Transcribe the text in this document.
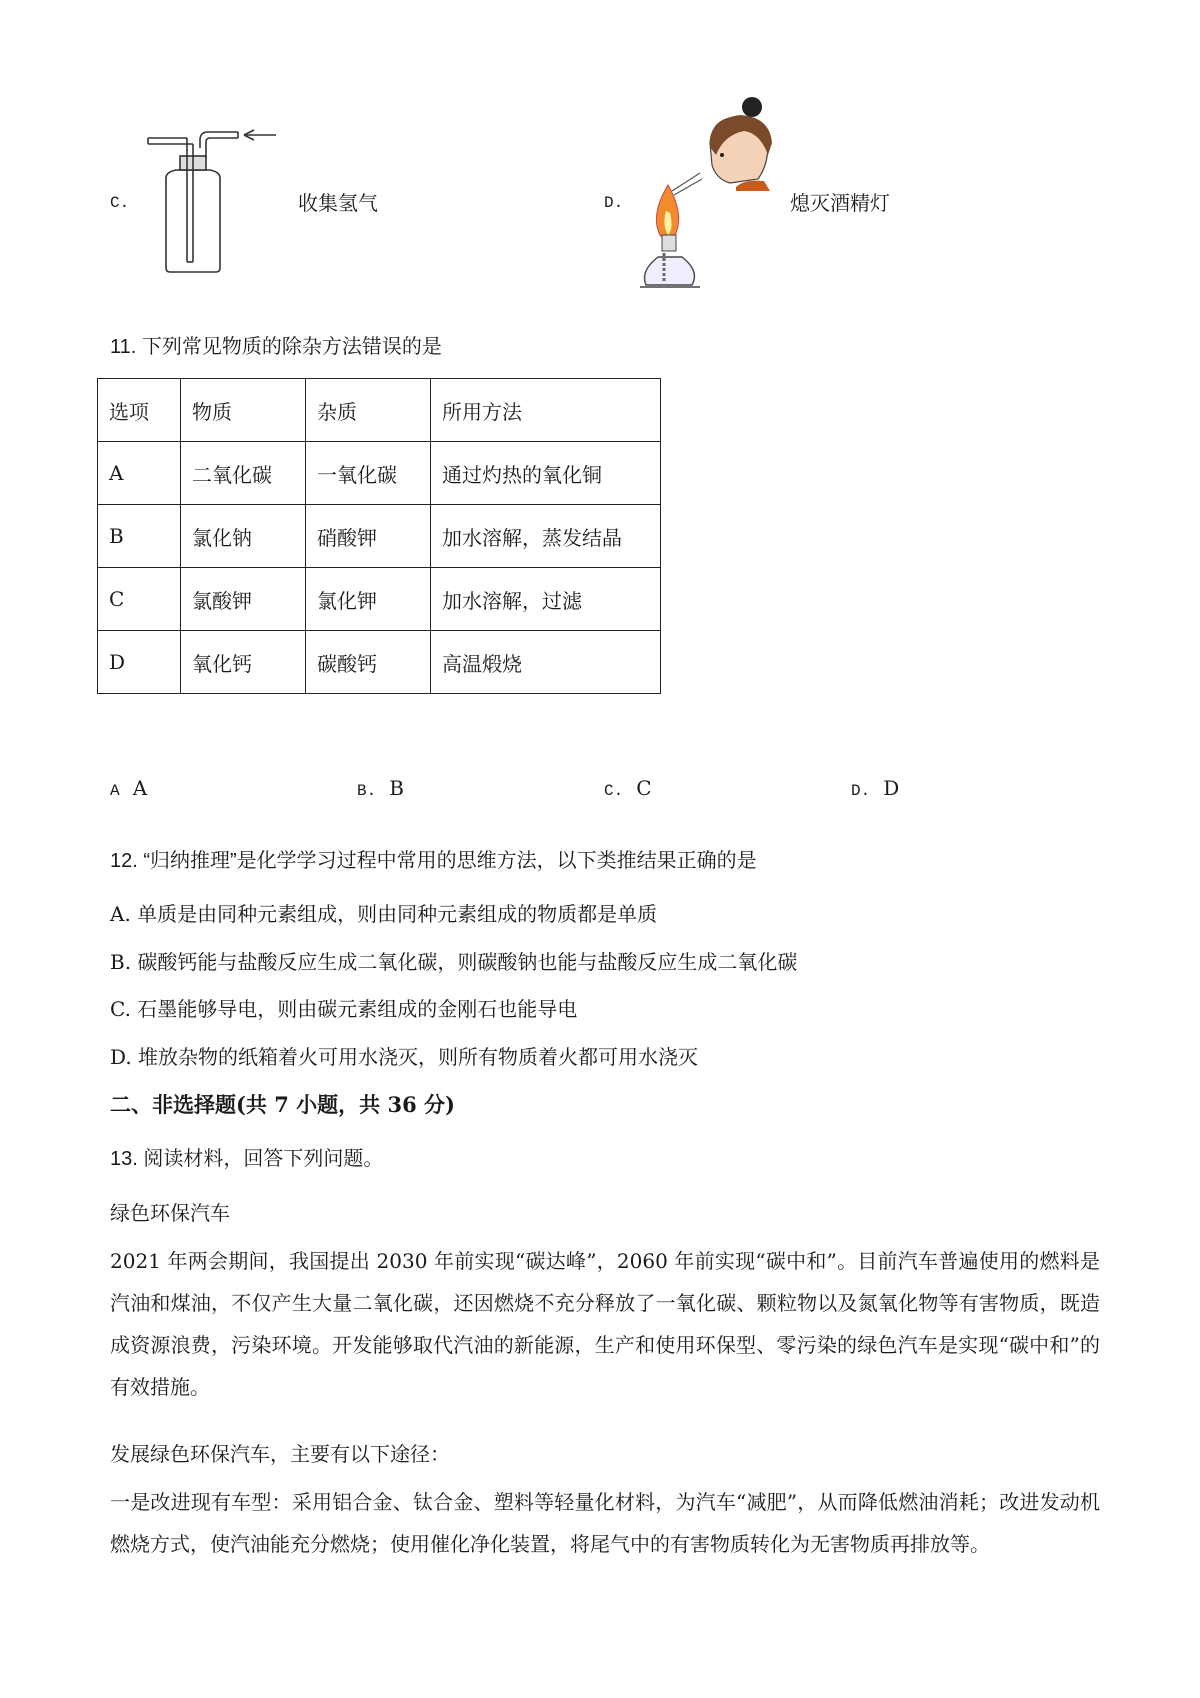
C.	收集氢气	D.	熄灭酒精灯
11. 下列常见物质的除杂方法错误的是
选项	物质	杂质	所用方法
A	二氧化碳	一氧化碳	通过灼热的氧化铜
B	氯化钠	硝酸钾	加水溶解，蒸发结晶
C	氯酸钾	氯化钾	加水溶解，过滤
D	氧化钙	碳酸钙	高温煅烧
A A	B. B	C. C	D. D
12. “归纳推理”是化学学习过程中常用的思维方法，以下类推结果正确的是
A. 单质是由同种元素组成，则由同种元素组成的物质都是单质
B. 碳酸钙能与盐酸反应生成二氧化碳，则碳酸钠也能与盐酸反应生成二氧化碳
C. 石墨能够导电，则由碳元素组成的金刚石也能导电
D. 堆放杂物的纸箱着火可用水浇灭，则所有物质着火都可用水浇灭
二、非选择题(共 7 小题，共 36 分)
13. 阅读材料，回答下列问题。
绿色环保汽车
2021 年两会期间，我国提出 2030 年前实现“碳达峰”，2060 年前实现“碳中和”。目前汽车普遍使用的燃料是汽油和煤油，不仅产生大量二氧化碳，还因燃烧不充分释放了一氧化碳、颗粒物以及氮氧化物等有害物质，既造成资源浪费，污染环境。开发能够取代汽油的新能源，生产和使用环保型、零污染的绿色汽车是实现“碳中和”的有效措施。
发展绿色环保汽车，主要有以下途径：
一是改进现有车型：采用铝合金、钛合金、塑料等轻量化材料，为汽车“减肥”，从而降低燃油消耗；改进发动机　燃烧方式，使汽油能充分燃烧；使用催化净化装置，将尾气中的有害物质转化为无害物质再排放等。
